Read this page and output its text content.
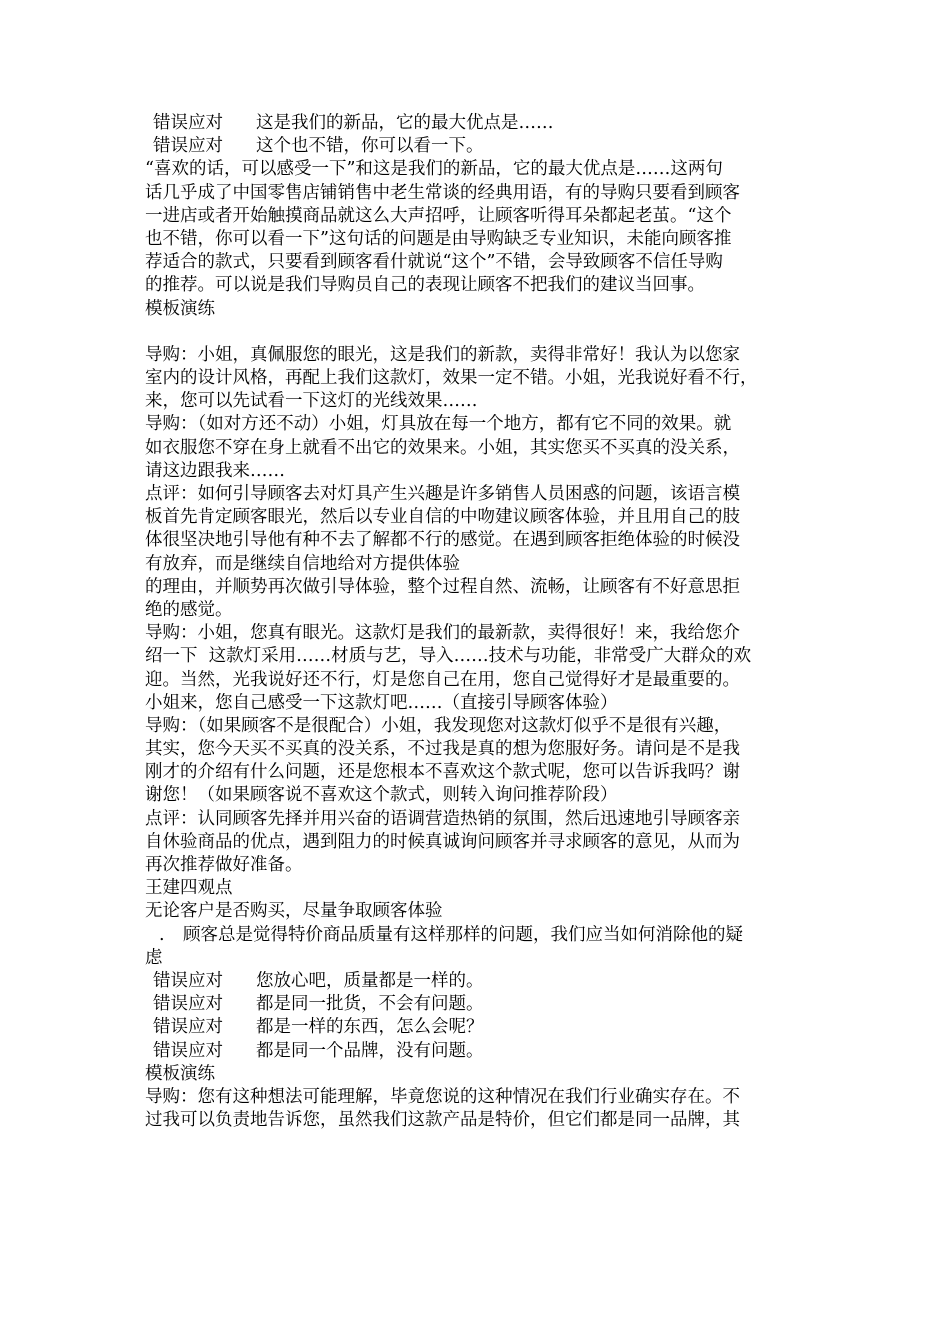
错误应对 这是我们的新品，它的最大优点是……
错误应对 这个也不错，你可以看一下。
“喜欢的话，可以感受一下”和这是我们的新品，它的最大优点是……这两句
话几乎成了中国零售店铺销售中老生常谈的经典用语，有的导购只要看到顾客
一进店或者开始触摸商品就这么大声招呼，让顾客听得耳朵都起老茧。“这个
也不错，你可以看一下”这句话的问题是由导购缺乏专业知识，未能向顾客推
荐适合的款式，只要看到顾客看什就说“这个”不错，会导致顾客不信任导购
的推荐。可以说是我们导购员自己的表现让顾客不把我们的建议当回事。
模板演练
导购：小姐，真佩服您的眼光，这是我们的新款，卖得非常好！我认为以您家
室内的设计风格，再配上我们这款灯，效果一定不错。小姐，光我说好看不行，
来，您可以先试看一下这灯的光线效果……
导购：（如对方还不动）小姐，灯具放在每一个地方，都有它不同的效果。就
如衣服您不穿在身上就看不出它的效果来。小姐，其实您买不买真的没关系，
请这边跟我来……
点评：如何引导顾客去对灯具产生兴趣是许多销售人员困惑的问题，该语言模
板首先肯定顾客眼光，然后以专业自信的中吻建议顾客体验，并且用自己的肢
体很坚决地引导他有种不去了解都不行的感觉。在遇到顾客拒绝体验的时候没
有放弃，而是继续自信地给对方提供体验
的理由，并顺势再次做引导体验，整个过程自然、流畅，让顾客有不好意思拒
绝的感觉。
导购：小姐，您真有眼光。这款灯是我们的最新款，卖得很好！来，我给您介
绍一下  这款灯采用……材质与艺，导入……技术与功能，非常受广大群众的欢
迎。当然，光我说好还不行，灯是您自己在用，您自己觉得好才是最重要的。
小姐来，您自己感受一下这款灯吧……（直接引导顾客体验）
导购：（如果顾客不是很配合）小姐，我发现您对这款灯似乎不是很有兴趣，
其实，您今天买不买真的没关系，不过我是真的想为您服好务。请问是不是我
刚才的介绍有什么问题，还是您根本不喜欢这个款式呢，您可以告诉我吗？谢
谢您！（如果顾客说不喜欢这个款式，则转入询问推荐阶段）
点评：认同顾客先择并用兴奋的语调营造热销的氛围，然后迅速地引导顾客亲
自休验商品的优点，遇到阻力的时候真诚询问顾客并寻求顾客的意见，从而为
再次推荐做好准备。
王建四观点
无论客户是否购买，尽量争取顾客体验
. 顾客总是觉得特价商品质量有这样那样的问题，我们应当如何消除他的疑
虑
错误应对 您放心吧，质量都是一样的。
错误应对 都是同一批货，不会有问题。
错误应对 都是一样的东西，怎么会呢？
错误应对 都是同一个品牌，没有问题。
模板演练
导购：您有这种想法可能理解，毕竟您说的这种情况在我们行业确实存在。不
过我可以负责地告诉您，虽然我们这款产品是特价，但它们都是同一品牌，其
